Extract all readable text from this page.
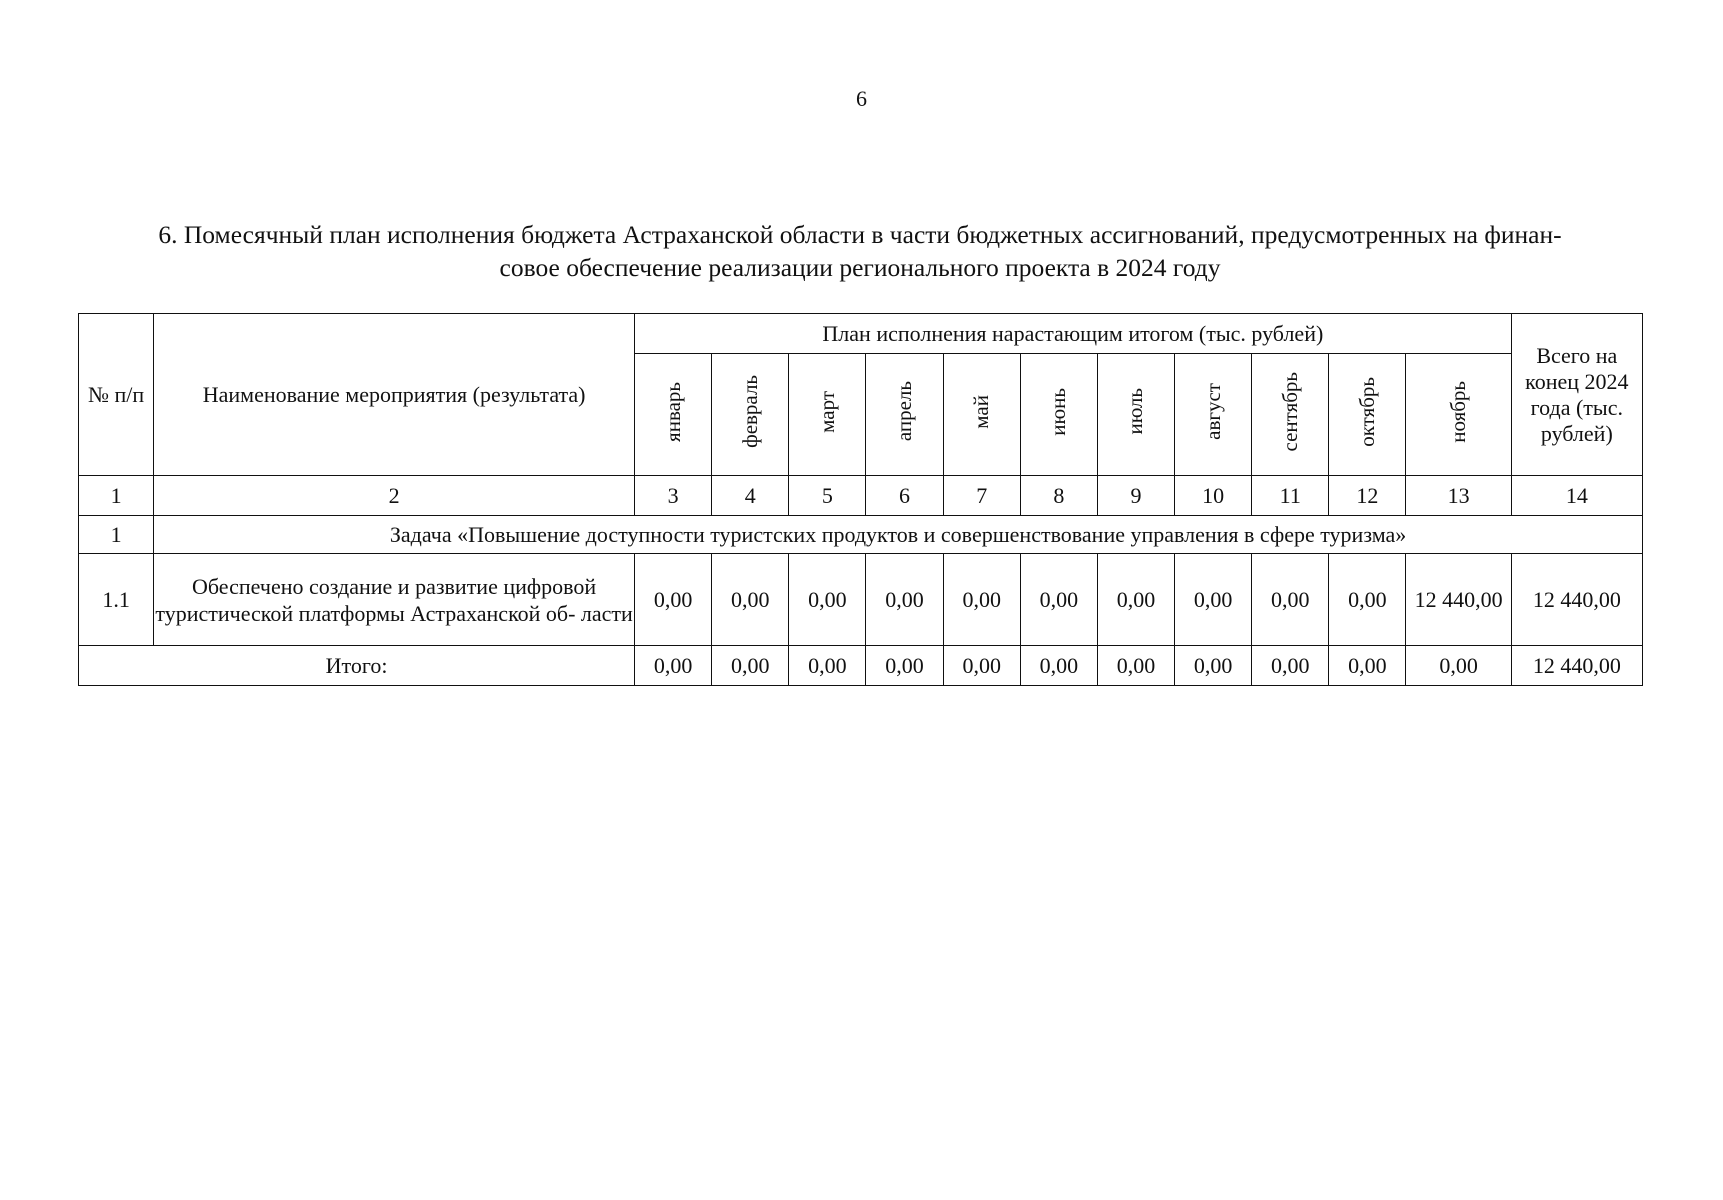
6
6. Помесячный план исполнения бюджета Астраханской области в части бюджетных ассигнований, предусмотренных на финан-
совое обеспечение реализации регионального проекта в 2024 году
№ п/п	Наименование мероприятия (результата)	План исполнения нарастающим итогом (тыс. рублей)											Всего на конец 2024 года (тыс. рублей)
		январь	февраль	март	апрель	май	июнь	июль	август	сентябрь	октябрь	ноябрь	
1	2	3	4	5	6	7	8	9	10	11	12	13	14
1	Задача «Повышение доступности туристских продуктов и совершенствование управления в сфере туризма»												
1.1	Обеспечено создание и развитие цифровой туристической платформы Астраханской об- ласти	0,00	0,00	0,00	0,00	0,00	0,00	0,00	0,00	0,00	0,00	12 440,00	12 440,00
Итого:		0,00	0,00	0,00	0,00	0,00	0,00	0,00	0,00	0,00	0,00	0,00	12 440,00
